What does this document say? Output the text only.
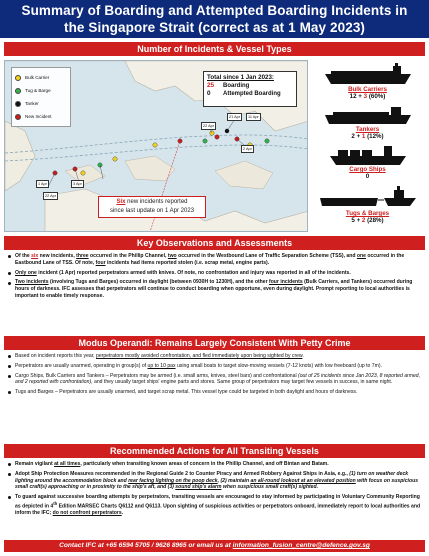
Summary of Boarding and Attempted Boarding Incidents in
the Singapore Strait (correct as at 1 May 2023)
Number of Incidents & Vessel Types
Bulk Carrier
Tug & Barge
Tanker
New Incident
Total since 1 Jan 2023:
25	Boarding
0	Attempted Boarding
22 Apr
21 Apr	11 Apr
2 Apr
3 Apr
1 Apr
22 Apr
Six new incidents reported
since last update on 1 Apr 2023
Bulk Carriers
12 + 3 (60%)
Tankers
2 + 1 (12%)
Cargo Ships
0
Tugs & Barges
5 + 2 (28%)
Key Observations and Assessments
Of the six new incidents, three occurred in the Phillip Channel, two occurred in the Westbound Lane of Traffic Separation Scheme (TSS), and one occurred in the Eastbound Lane of TSS. Of note, four incidents had items reported stolen (i.e. scrap metal, engine parts).
Only one incident (1 Apr) reported perpetrators armed with knives. Of note, no confrontation and injury was reported in all of the incidents.
Two incidents (involving Tugs and Barges) occurred in daylight (between 0930H to 1230H), and the other four incidents (Bulk Carriers, and Tankers) occurred during hours of darkness. IFC assesses that perpetrators will continue to conduct boarding when opportune, even during daylight. Prompt reporting to local authorities is important to enable timely response.
Modus Operandi: Remains Largely Consistent With Petty Crime
Based on incident reports this year, perpetrators mostly avoided confrontation, and fled immediately upon being sighted by crew.
Perpetrators are usually unarmed, operating in group(s) of up to 10 pax using small boats to target slow-moving vessels (7-12 knots) with low freeboard (up to 7m).
Cargo Ships, Bulk Carriers and Tankers – Perpetrators may be armed (i.e. small arms, knives, steel bars) and confrontational (out of 25 incidents since Jan 2023, 8 reported armed, and 2 reported with confrontation), and they usually target ships' engine parts and stores. Same group of perpetrators may target few vessels in success, in same night.
Tugs and Barges – Perpetrators are usually unarmed, and target scrap metal. This vessel type could be targeted in both daylight and hours of darkness.
Recommended Actions for All Transiting Vessels
Remain vigilant at all times, particularly when transiting known areas of concern in the Phillip Channel, and off Bintan and Batam.
Adopt Ship Protection Measures recommended in the Regional Guide 2 to Counter Piracy and Armed Robbery Against Ships in Asia, e.g., (1) turn on weather deck lighting around the accommodation block and rear facing lighting on the poop deck, (2) maintain an all-round lookout at an elevated position with focus on suspicious small craft(s) approaching or in proximity to the ship's aft, and (3) sound ship's alarm when suspicious small craft(s) sighted.
To guard against successive boarding attempts by perpetrators, transiting vessels are encouraged to stay informed by participating in Voluntary Community Reporting as depicted in 4th Edition MARSEC Charts Q6112 and Q6113. Upon sighting of suspicious activities or perpetrators onboard, immediately report to local authorities and inform the IFC; do not confront perpetrators.
Contact IFC at +65 6594 5705 / 9626 8965 or email us at information_fusion_centre@defence.gov.sg
